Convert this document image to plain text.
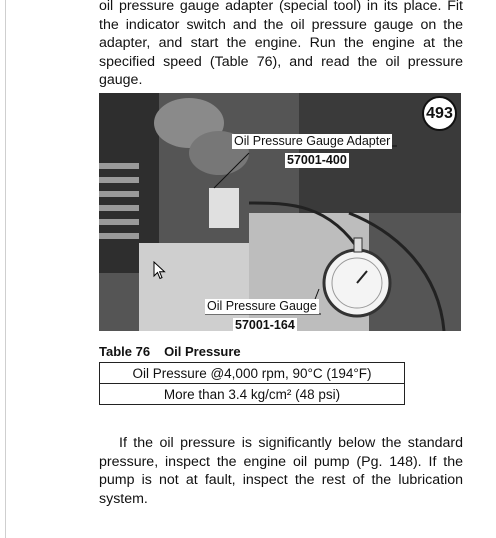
oil pressure gauge adapter (special tool) in its place. Fit the indicator switch and the oil pressure gauge on the adapter, and start the engine. Run the engine at the specified speed (Table 76), and read the oil pressure gauge.

493
Oil Pressure Gauge Adapter
57001-400
Oil Pressure Gauge
57001-164
Table 76 Oil Pressure
Oil Pressure @4,000 rpm, 90°C (194°F)
More than 3.4 kg/cm² (48 psi)

If the oil pressure is significantly below the standard pressure, inspect the engine oil pump (Pg. 148). If the pump is not at fault, inspect the rest of the lubrication system.
